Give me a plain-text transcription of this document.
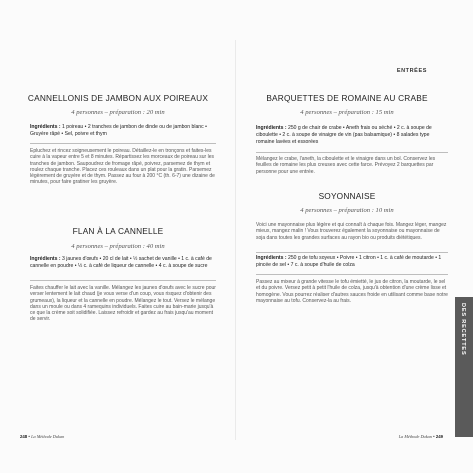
CANNELLONIS DE JAMBON AUX POIREAUX
4 personnes – préparation : 20 min
Ingrédients : 1 poireau • 2 tranches de jambon de dinde ou de jambon blanc • Gruyère râpé • Sel, poivre et thym
Épluchez et rincez soigneusement le poireau. Détaillez-le en tronçons et faites-les cuire à la vapeur entre 5 et 8 minutes. Répartissez les morceaux de poireau sur les tranches de jambon. Saupoudrez de fromage râpé, poivrez, parsemez de thym et roulez chaque tranche. Placez ces rouleaux dans un plat pour la gratin. Parsemez légèrement de gruyère et de thym. Passez au four à 200 °C (th. 6-7) une dizaine de minutes, pour faire gratiner les gruyère.
FLAN À LA CANNELLE
4 personnes – préparation : 40 min
Ingrédients : 3 jaunes d'œufs • 20 cl de lait • ½ sachet de vanille • 1 c. à café de cannelle en poudre • ½ c. à café de liqueur de cannelle • 4 c. à soupe de sucre
Faites chauffer le lait avec la vanille. Mélangez les jaunes d'œufs avec le sucre pour verser lentement le lait chaud (je vous verse d'un coup, vous risquez d'obtenir des grumeaux), la liqueur et la cannelle en poudre. Mélangez le tout. Versez le mélange dans un moule ou dans 4 ramequins individuels. Faites cuire au bain-marie jusqu'à ce que la crème soit solidifiée. Laissez refroidir et gardez au frais jusqu'au moment de servir.
248 • La Méthode Dukan
ENTRÉES
BARQUETTES DE ROMAINE AU CRABE
4 personnes – préparation : 15 min
Ingrédients : 250 g de chair de crabe • Aneth frais ou séché • 2 c. à soupe de ciboulette • 2 c. à soupe de vinaigre de vin (pas balsamique) • 8 salades type romaine lavées et essorées
Mélangez le crabe, l'aneth, la ciboulette et le vinaigre dans un bol. Conservez les feuilles de romaine les plus creuses avec cette farce. Prévoyez 2 barquettes par personne pour une entrée.
SOYONNAISE
4 personnes – préparation : 10 min
Voici une mayonnaise plus légère et qui connaît à chaque fois. Mangez léger, mangez mieux, mangez malin ! Vous trouverez également la soyonnaise ou mayonnaise de soja dans toutes les grandes surfaces au rayon bio ou produits diététiques.
Ingrédients : 250 g de tofu soyeux • Poivre • 1 citron • 1 c. à café de moutarde • 1 pincée de sel • 7 c. à soupe d'huile de colza
Passez au mixeur à grande vitesse le tofu émietté, le jus de citron, la moutarde, le sel et du poivre. Versez petit à petit l'huile de colza, jusqu'à obtention d'une crème lisse et homogène. Vous pourrez réaliser d'autres sauces froide en utilisant comme base notre mayonnaise au tofu. Conservez-la au frais.
La Méthode Dukan • 249
DES RECETTES
